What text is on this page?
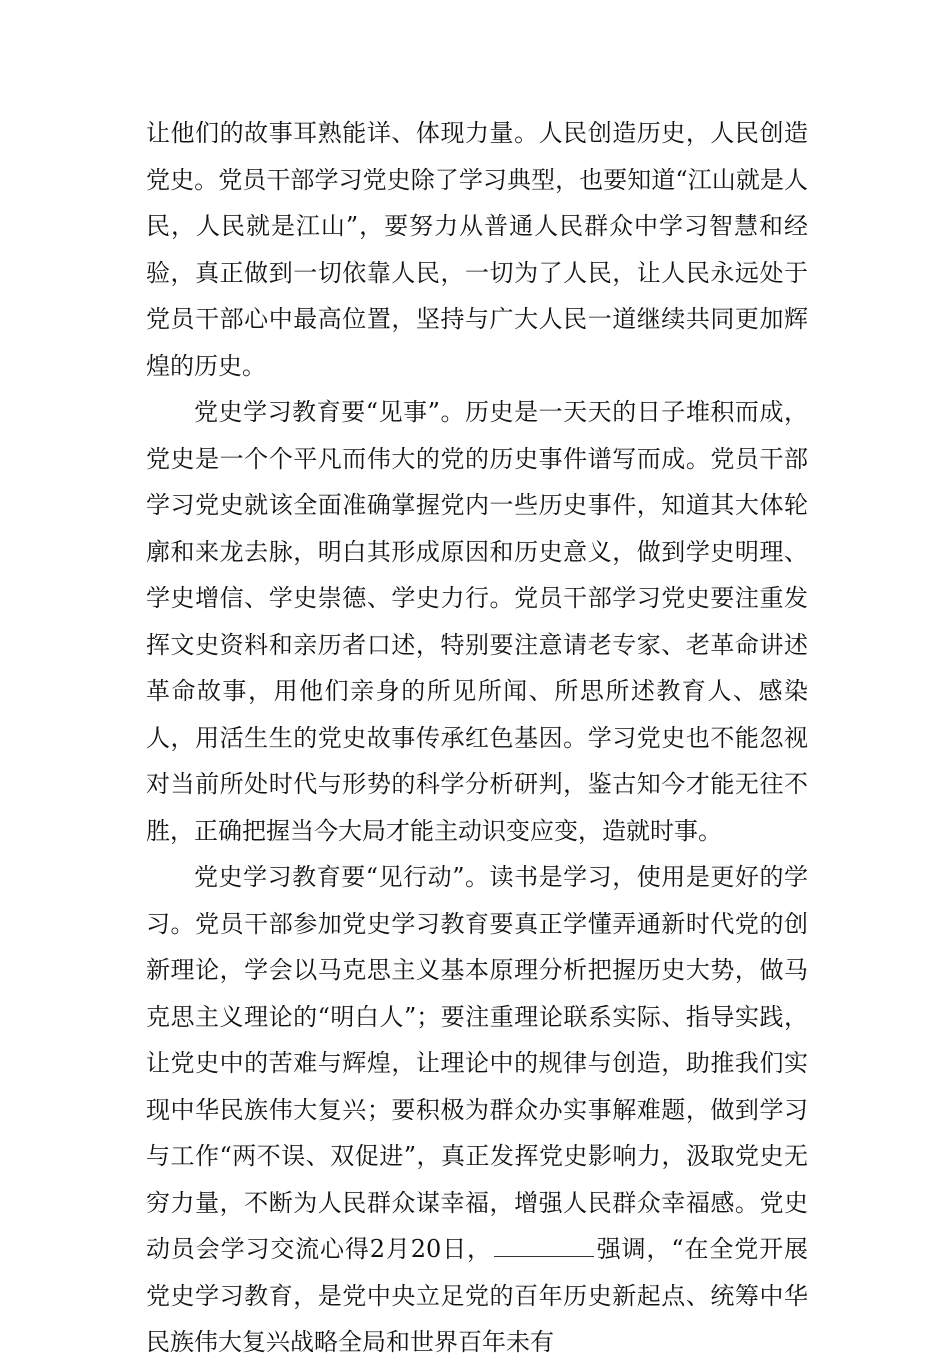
让他们的故事耳熟能详、体现力量。人民创造历史，人民创造党史。党员干部学习党史除了学习典型，也要知道“江山就是人民，人民就是江山”，要努力从普通人民群众中学习智慧和经验，真正做到一切依靠人民，一切为了人民，让人民永远处于党员干部心中最高位置，坚持与广大人民一道继续共同更加辉煌的历史。

党史学习教育要“见事”。历史是一天天的日子堆积而成，党史是一个个平凡而伟大的党的历史事件谱写而成。党员干部学习党史就该全面准确掌握党内一些历史事件，知道其大体轮廓和来龙去脉，明白其形成原因和历史意义，做到学史明理、学史增信、学史崇德、学史力行。党员干部学习党史要注重发挥文史资料和亲历者口述，特别要注意请老专家、老革命讲述革命故事，用他们亲身的所见所闻、所思所述教育人、感染人，用活生生的党史故事传承红色基因。学习党史也不能忽视对当前所处时代与形势的科学分析研判，鉴古知今才能无往不胜，正确把握当今大局才能主动识变应变，造就时事。

党史学习教育要“见行动”。读书是学习，使用是更好的学习。党员干部参加党史学习教育要真正学懂弄通新时代党的创新理论，学会以马克思主义基本原理分析把握历史大势，做马克思主义理论的“明白人”；要注重理论联系实际、指导实践，让党史中的苦难与辉煌，让理论中的规律与创造，助推我们实现中华民族伟大复兴；要积极为群众办实事解难题，做到学习与工作“两不误、双促进”，真正发挥党史影响力，汲取党史无穷力量，不断为人民群众谋幸福，增强人民群众幸福感。党史动员会学习交流心得2月20日，	强调，“在全党开展党史学习教育，是党中央立足党的百年历史新起点、统筹中华民族伟大复兴战略全局和世界百年未有
